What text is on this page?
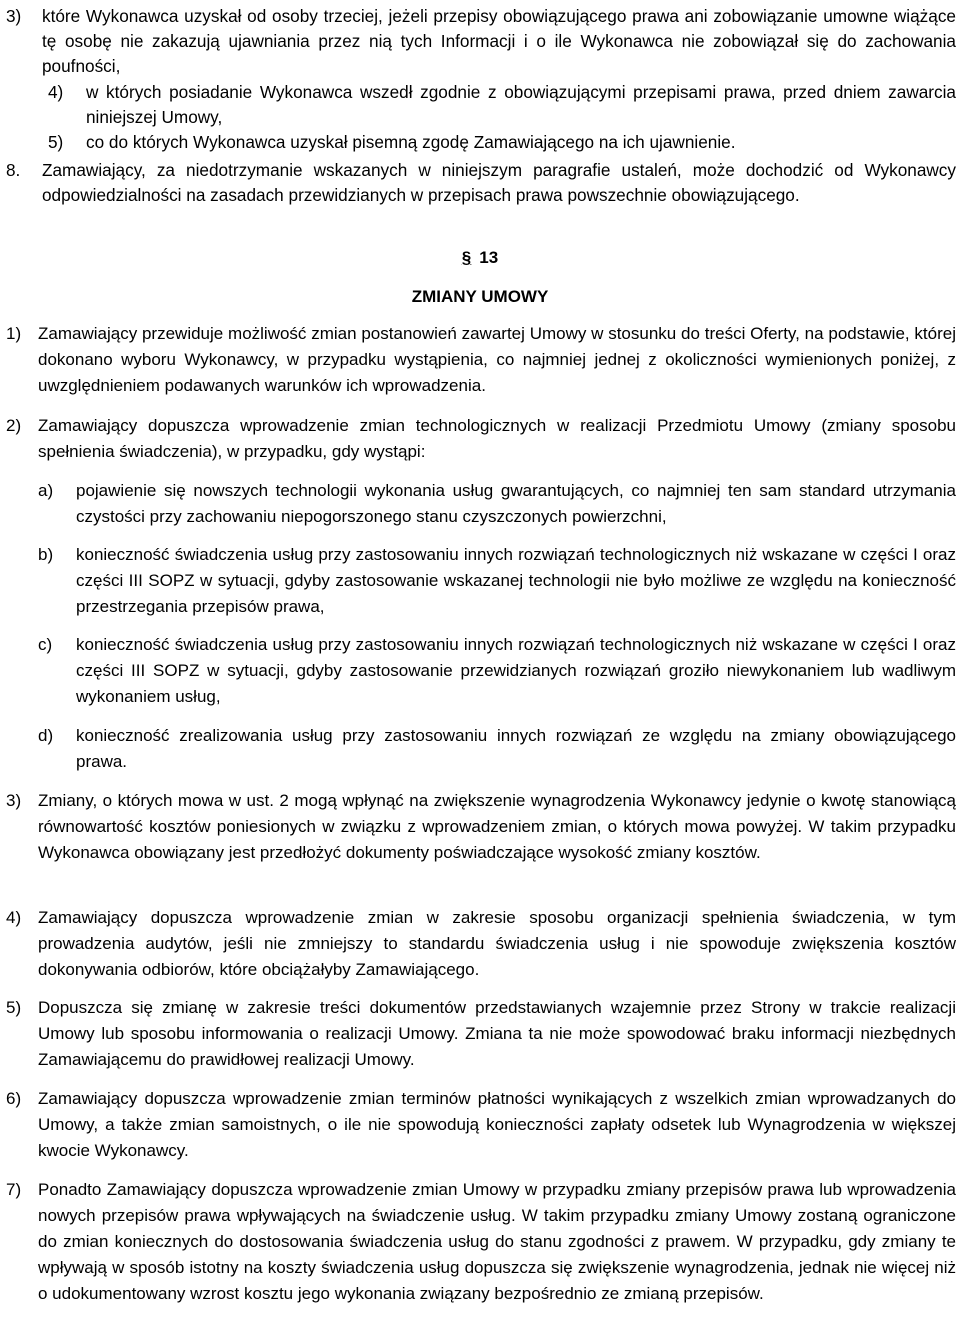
3)	które Wykonawca uzyskał od osoby trzeciej, jeżeli przepisy obowiązującego prawa ani zobowiązanie umowne wiążące tę osobę nie zakazują ujawniania przez nią tych Informacji i o ile Wykonawca nie zobowiązał się do zachowania poufności,
4)	w których posiadanie Wykonawca wszedł zgodnie z obowiązującymi przepisami prawa, przed dniem zawarcia niniejszej Umowy,
5)	co do których Wykonawca uzyskał pisemną zgodę Zamawiającego na ich ujawnienie.
8.	Zamawiający, za niedotrzymanie wskazanych w niniejszym paragrafie ustaleń, może dochodzić od Wykonawcy odpowiedzialności na zasadach przewidzianych w przepisach prawa powszechnie obowiązującego.
§ 13
ZMIANY UMOWY
1) Zamawiający przewiduje możliwość zmian postanowień zawartej Umowy w stosunku do treści Oferty, na podstawie, której dokonano wyboru Wykonawcy, w przypadku wystąpienia, co najmniej jednej z okoliczności wymienionych poniżej, z uwzględnieniem podawanych warunków ich wprowadzenia.
2) Zamawiający dopuszcza wprowadzenie zmian technologicznych w realizacji Przedmiotu Umowy (zmiany sposobu spełnienia świadczenia), w przypadku, gdy wystąpi:
a)	pojawienie się nowszych technologii wykonania usług gwarantujących, co najmniej ten sam standard utrzymania czystości przy zachowaniu niepogorszonego stanu czyszczonych powierzchni,
b)	konieczność świadczenia usług przy zastosowaniu innych rozwiązań technologicznych niż wskazane w części I oraz części III SOPZ w sytuacji, gdyby zastosowanie wskazanej technologii nie było możliwe ze względu na konieczność przestrzegania przepisów prawa,
c)	konieczność świadczenia usług przy zastosowaniu innych rozwiązań technologicznych niż wskazane w części I oraz części III SOPZ w sytuacji, gdyby zastosowanie przewidzianych rozwiązań groziło niewykonaniem lub wadliwym wykonaniem usług,
d)	konieczność zrealizowania usług przy zastosowaniu innych rozwiązań ze względu na zmiany obowiązującego prawa.
3) Zmiany, o których mowa w ust. 2 mogą wpłynąć na zwiększenie wynagrodzenia Wykonawcy jedynie o kwotę stanowiącą równowartość kosztów poniesionych w związku z wprowadzeniem zmian, o których mowa powyżej. W takim przypadku Wykonawca obowiązany jest przedłożyć dokumenty poświadczające wysokość zmiany kosztów.
4) Zamawiający dopuszcza wprowadzenie zmian w zakresie sposobu organizacji spełnienia świadczenia, w tym prowadzenia audytów, jeśli nie zmniejszy to standardu świadczenia usług i nie spowoduje zwiększenia kosztów dokonywania odbiorów, które obciążałyby Zamawiającego.
5) Dopuszcza się zmianę w zakresie treści dokumentów przedstawianych wzajemnie przez Strony w trakcie realizacji Umowy lub sposobu informowania o realizacji Umowy. Zmiana ta nie może spowodować braku informacji niezbędnych Zamawiającemu do prawidłowej realizacji Umowy.
6) Zamawiający dopuszcza wprowadzenie zmian terminów płatności wynikających z wszelkich zmian wprowadzanych do Umowy, a także zmian samoistnych, o ile nie spowodują konieczności zapłaty odsetek lub Wynagrodzenia w większej kwocie Wykonawcy.
7) Ponadto Zamawiający dopuszcza wprowadzenie zmian Umowy w przypadku zmiany przepisów prawa lub wprowadzenia nowych przepisów prawa wpływających na świadczenie usług. W takim przypadku zmiany Umowy zostaną ograniczone do zmian koniecznych do dostosowania świadczenia usług do stanu zgodności z prawem. W przypadku, gdy zmiany te wpływają w sposób istotny na koszty świadczenia usług dopuszcza się zwiększenie wynagrodzenia, jednak nie więcej niż o udokumentowany wzrost kosztu jego wykonania związany bezpośrednio ze zmianą przepisów.
